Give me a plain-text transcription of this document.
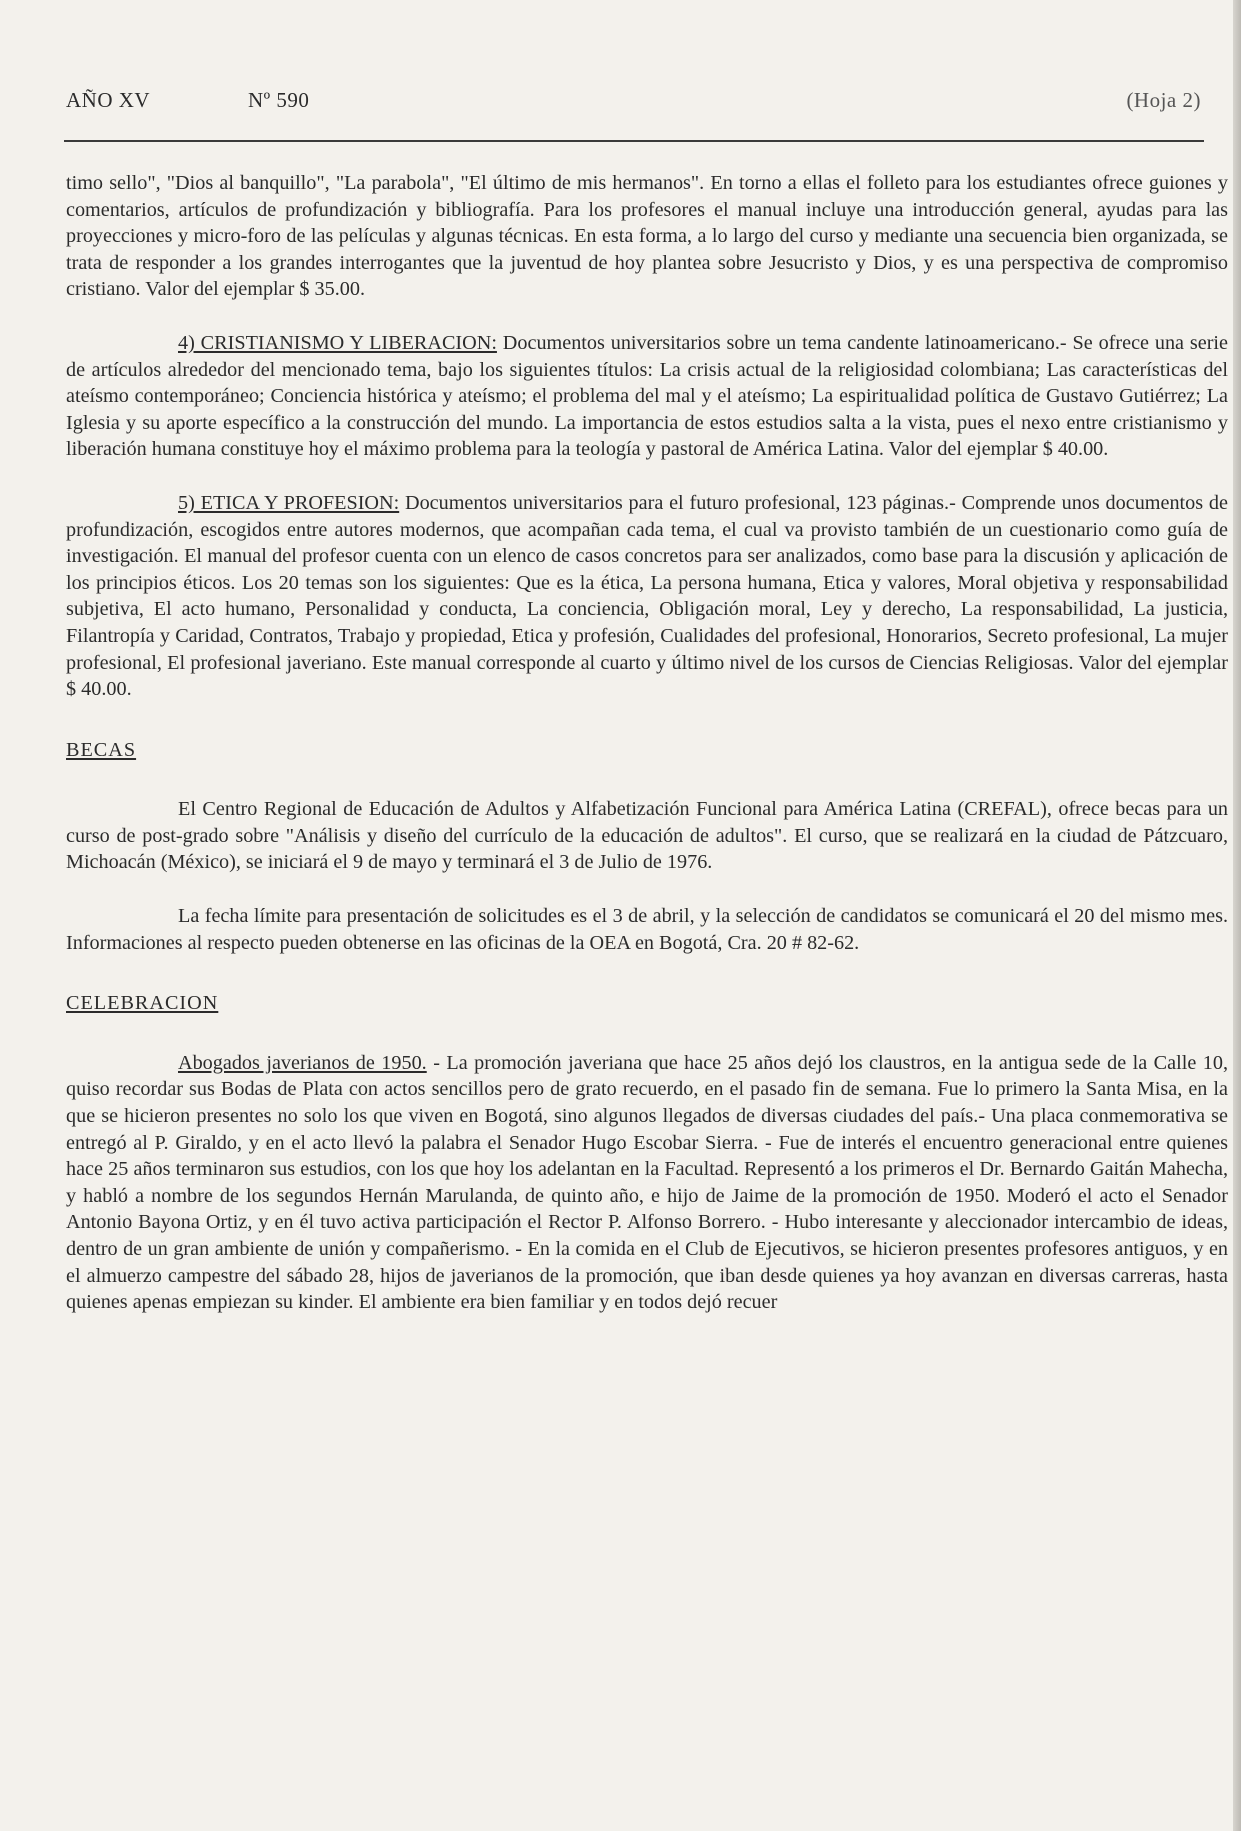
AÑO XV	Nº 590	(Hoja 2)

timo sello", "Dios al banquillo", "La parabola", "El último de mis hermanos". En torno a ellas el folleto para los estudiantes ofrece guiones y comentarios, artículos de profundización y bibliografía. Para los profesores el manual incluye una introducción general, ayudas para las proyecciones y micro-foro de las películas y algunas técnicas. En esta forma, a lo largo del curso y mediante una secuencia bien organizada, se trata de responder a los grandes interrogantes que la juventud de hoy plantea sobre Jesucristo y Dios, y es una perspectiva de compromiso cristiano. Valor del ejemplar $ 35.00.

4) CRISTIANISMO Y LIBERACION: Documentos universitarios sobre un tema candente latinoamericano.- Se ofrece una serie de artículos alrededor del mencionado tema, bajo los siguientes títulos: La crisis actual de la religiosidad colombiana; Las características del ateísmo contemporáneo; Conciencia histórica y ateísmo; el problema del mal y el ateísmo; La espiritualidad política de Gustavo Gutiérrez; La Iglesia y su aporte específico a la construcción del mundo. La importancia de estos estudios salta a la vista, pues el nexo entre cristianismo y liberación humana constituye hoy el máximo problema para la teología y pastoral de América Latina. Valor del ejemplar $ 40.00.

5) ETICA Y PROFESION: Documentos universitarios para el futuro profesional, 123 páginas.- Comprende unos documentos de profundización, escogidos entre autores modernos, que acompañan cada tema, el cual va provisto también de un cuestionario como guía de investigación. El manual del profesor cuenta con un elenco de casos concretos para ser analizados, como base para la discusión y aplicación de los principios éticos. Los 20 temas son los siguientes: Que es la ética, La persona humana, Etica y valores, Moral objetiva y responsabilidad subjetiva, El acto humano, Personalidad y conducta, La conciencia, Obligación moral, Ley y derecho, La responsabilidad, La justicia, Filantropía y Caridad, Contratos, Trabajo y propiedad, Etica y profesión, Cualidades del profesional, Honorarios, Secreto profesional, La mujer profesional, El profesional javeriano. Este manual corresponde al cuarto y último nivel de los cursos de Ciencias Religiosas. Valor del ejemplar $ 40.00.

BECAS

El Centro Regional de Educación de Adultos y Alfabetización Funcional para América Latina (CREFAL), ofrece becas para un curso de post-grado sobre "Análisis y diseño del currículo de la educación de adultos". El curso, que se realizará en la ciudad de Pátzcuaro, Michoacán (México), se iniciará el 9 de mayo y terminará el 3 de Julio de 1976.

La fecha límite para presentación de solicitudes es el 3 de abril, y la selección de candidatos se comunicará el 20 del mismo mes. Informaciones al respecto pueden obtenerse en las oficinas de la OEA en Bogotá, Cra. 20 # 82-62.

CELEBRACION

Abogados javerianos de 1950. - La promoción javeriana que hace 25 años dejó los claustros, en la antigua sede de la Calle 10, quiso recordar sus Bodas de Plata con actos sencillos pero de grato recuerdo, en el pasado fin de semana. Fue lo primero la Santa Misa, en la que se hicieron presentes no solo los que viven en Bogotá, sino algunos llegados de diversas ciudades del país.- Una placa conmemorativa se entregó al P. Giraldo, y en el acto llevó la palabra el Senador Hugo Escobar Sierra. - Fue de interés el encuentro generacional entre quienes hace 25 años terminaron sus estudios, con los que hoy los adelantan en la Facultad. Representó a los primeros el Dr. Bernardo Gaitán Mahecha, y habló a nombre de los segundos Hernán Marulanda, de quinto año, e hijo de Jaime de la promoción de 1950. Moderó el acto el Senador Antonio Bayona Ortiz, y en él tuvo activa participación el Rector P. Alfonso Borrero. - Hubo interesante y aleccionador intercambio de ideas, dentro de un gran ambiente de unión y compañerismo. - En la comida en el Club de Ejecutivos, se hicieron presentes profesores antiguos, y en el almuerzo campestre del sábado 28, hijos de javerianos de la promoción, que iban desde quienes ya hoy avanzan en diversas carreras, hasta quienes apenas empiezan su kinder. El ambiente era bien familiar y en todos dejó recuer
